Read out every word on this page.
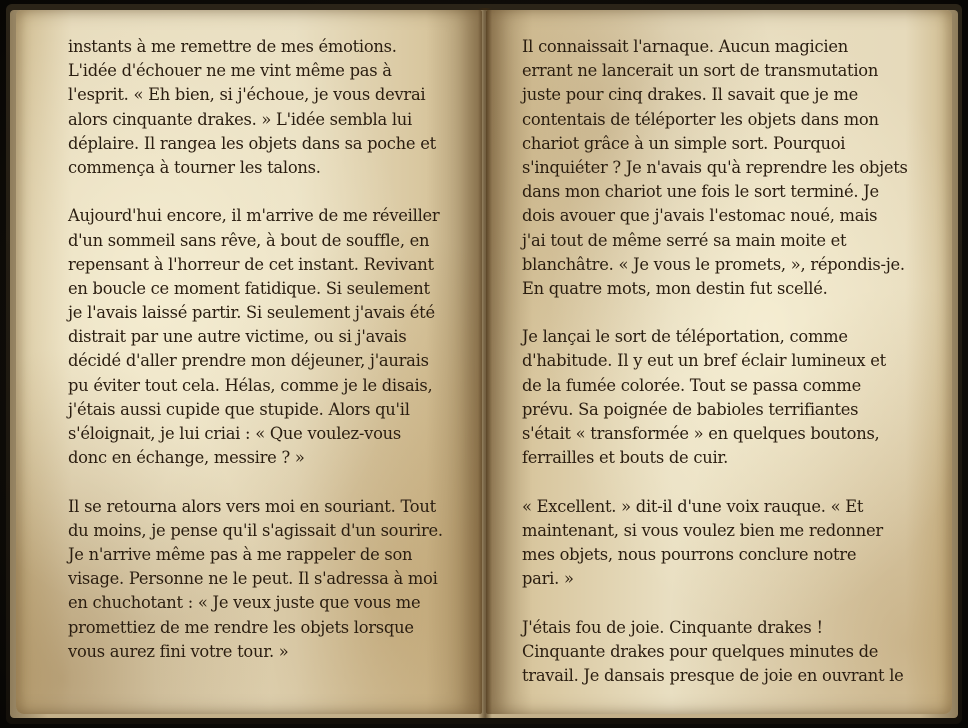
instants à me remettre de mes émotions.
L'idée d'échouer ne me vint même pas à
l'esprit. « Eh bien, si j'échoue, je vous devrai
alors cinquante drakes. » L'idée sembla lui
déplaire. Il rangea les objets dans sa poche et
commença à tourner les talons.
Aujourd'hui encore, il m'arrive de me réveiller
d'un sommeil sans rêve, à bout de souffle, en
repensant à l'horreur de cet instant. Revivant
en boucle ce moment fatidique. Si seulement
je l'avais laissé partir. Si seulement j'avais été
distrait par une autre victime, ou si j'avais
décidé d'aller prendre mon déjeuner, j'aurais
pu éviter tout cela. Hélas, comme je le disais,
j'étais aussi cupide que stupide. Alors qu'il
s'éloignait, je lui criai : « Que voulez-vous
donc en échange, messire ? »
Il se retourna alors vers moi en souriant. Tout
du moins, je pense qu'il s'agissait d'un sourire.
Je n'arrive même pas à me rappeler de son
visage. Personne ne le peut. Il s'adressa à moi
en chuchotant : « Je veux juste que vous me
promettiez de me rendre les objets lorsque
vous aurez fini votre tour. »
Il connaissait l'arnaque. Aucun magicien
errant ne lancerait un sort de transmutation
juste pour cinq drakes. Il savait que je me
contentais de téléporter les objets dans mon
chariot grâce à un simple sort. Pourquoi
s'inquiéter ? Je n'avais qu'à reprendre les objets
dans mon chariot une fois le sort terminé. Je
dois avouer que j'avais l'estomac noué, mais
j'ai tout de même serré sa main moite et
blanchâtre. « Je vous le promets, », répondis-je.
En quatre mots, mon destin fut scellé.
Je lançai le sort de téléportation, comme
d'habitude. Il y eut un bref éclair lumineux et
de la fumée colorée. Tout se passa comme
prévu. Sa poignée de babioles terrifiantes
s'était « transformée » en quelques boutons,
ferrailles et bouts de cuir.
« Excellent. » dit-il d'une voix rauque. « Et
maintenant, si vous voulez bien me redonner
mes objets, nous pourrons conclure notre
pari. »
J'étais fou de joie. Cinquante drakes !
Cinquante drakes pour quelques minutes de
travail. Je dansais presque de joie en ouvrant le
